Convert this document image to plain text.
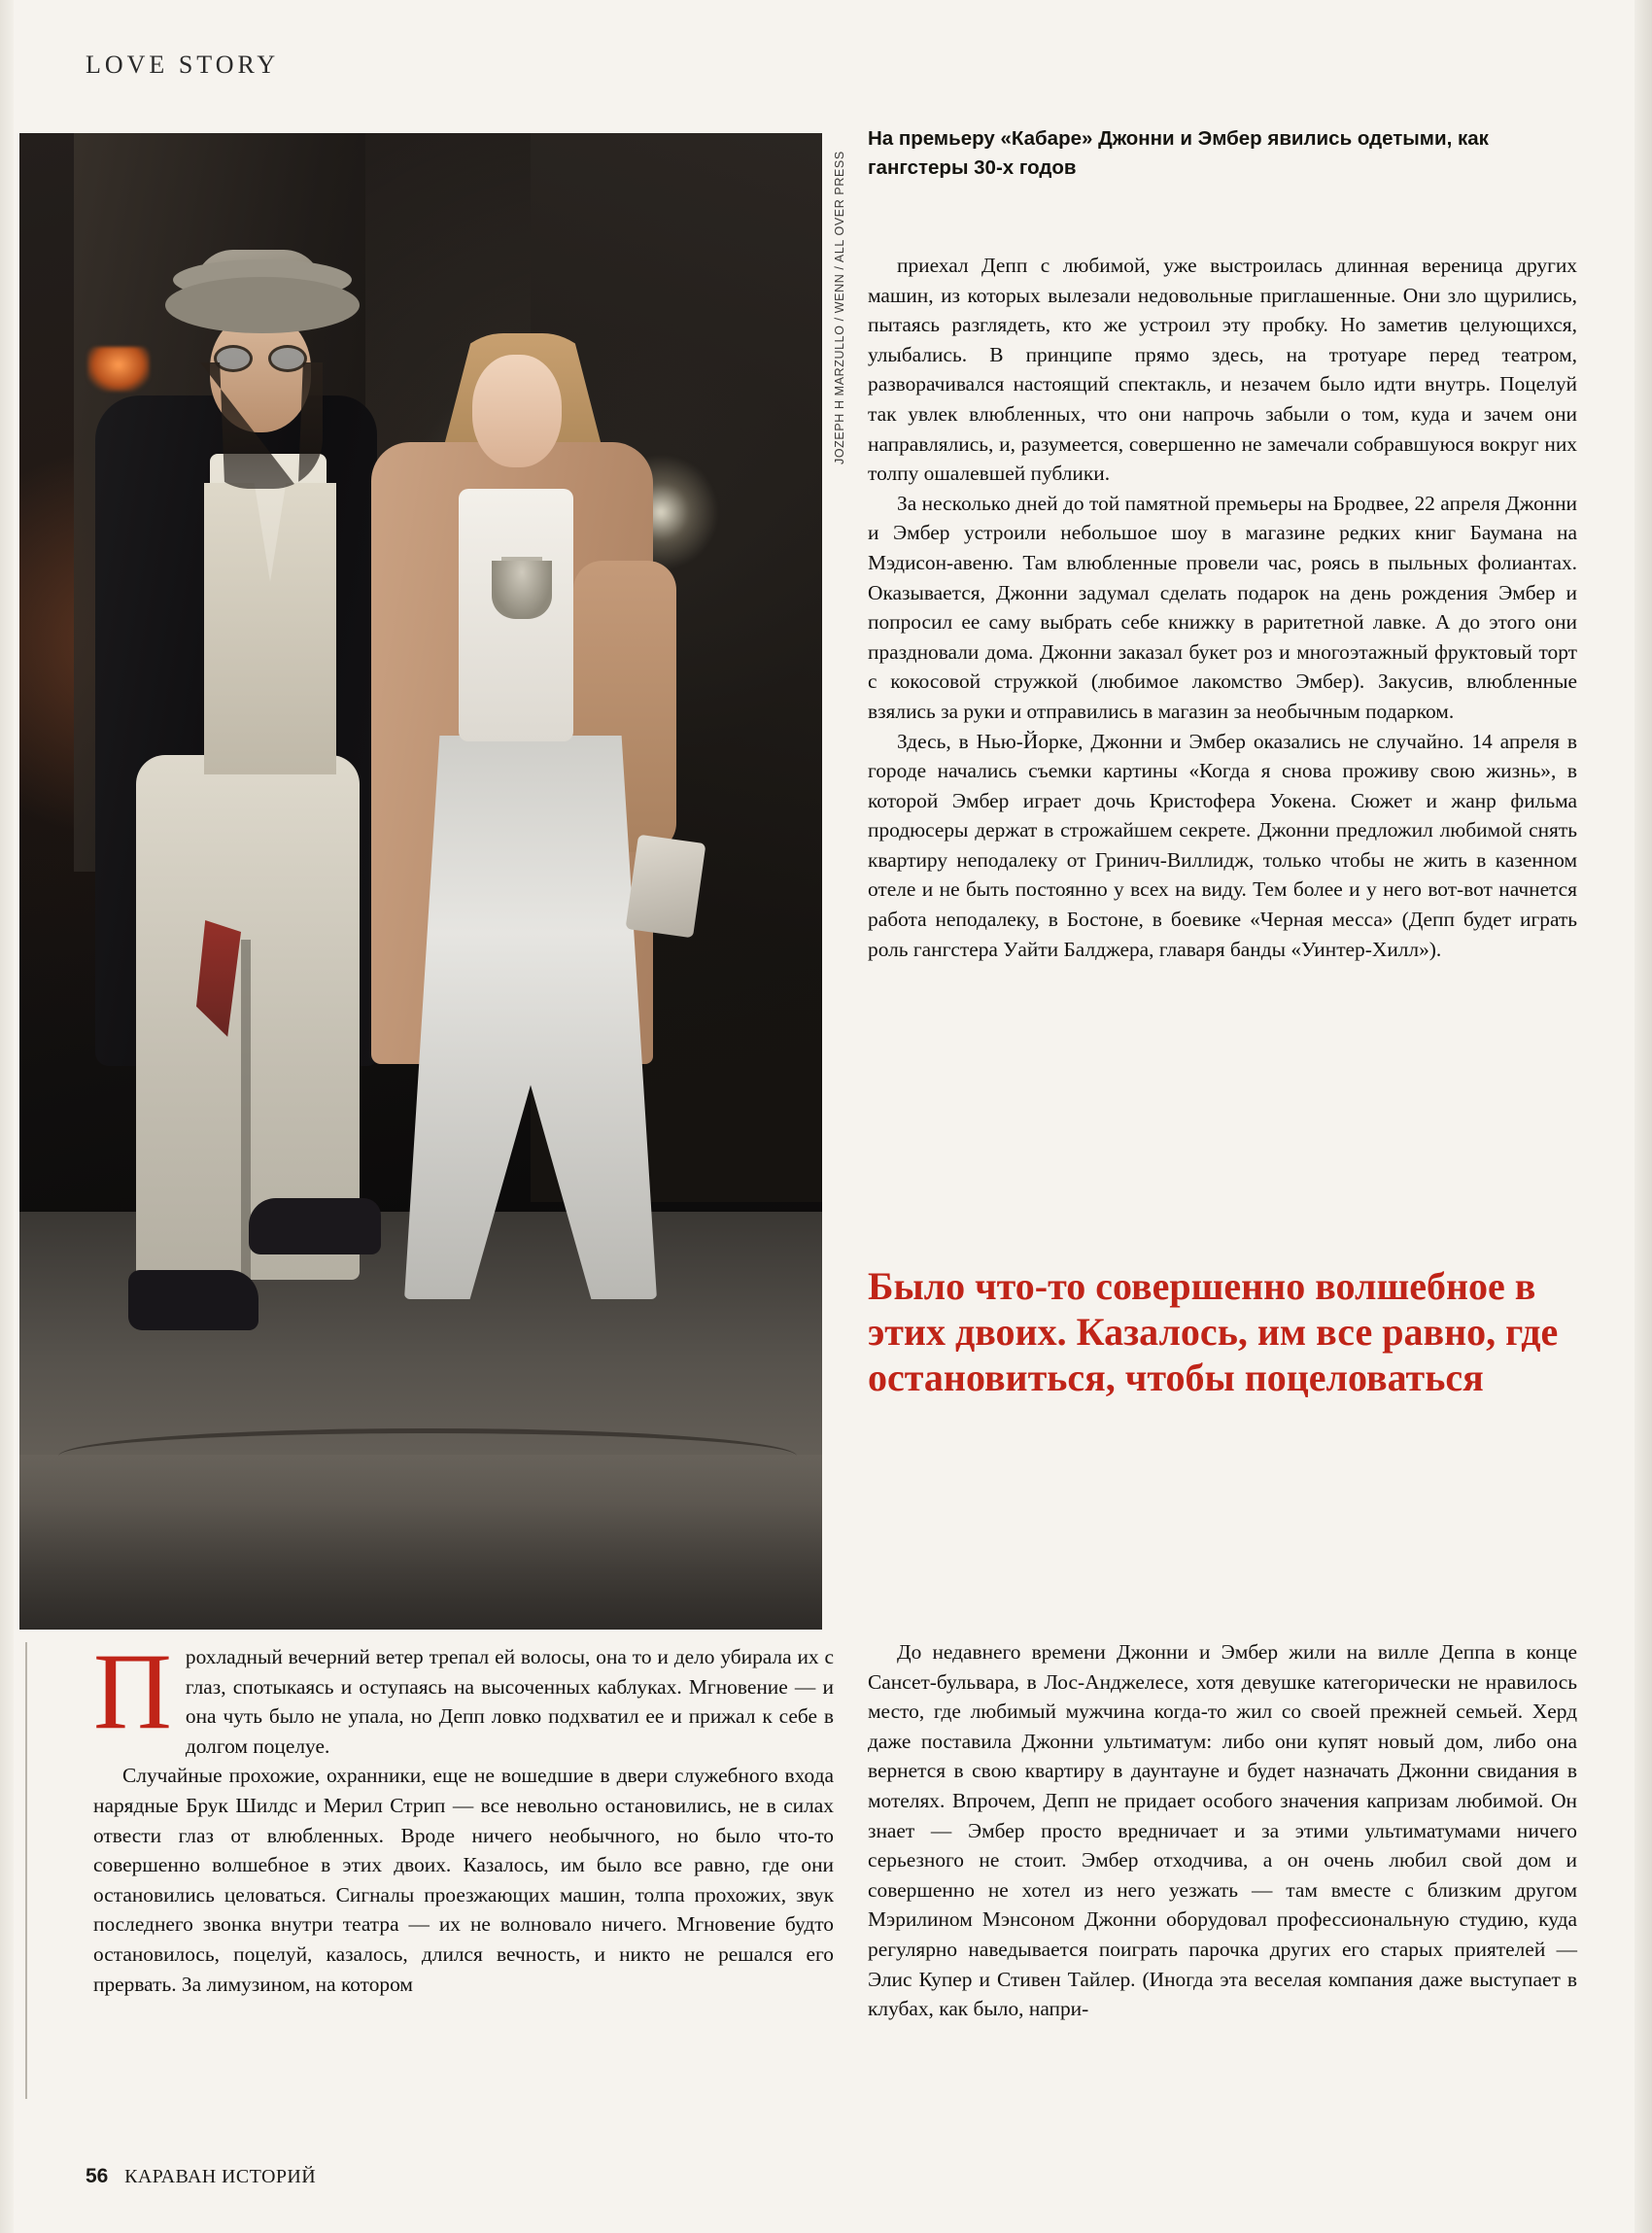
LOVE STORY
JOZEPH H MARZULLO / WENN / ALL OVER PRESS
На премьеру «Кабаре» Джонни и Эмбер явились одетыми, как гангстеры 30-х годов

приехал Депп с любимой, уже выстроилась длинная вереница других машин, из которых вылезали недовольные приглашенные. Они зло щурились, пытаясь разглядеть, кто же устроил эту пробку. Но заметив целующихся, улыбались. В принципе прямо здесь, на тротуаре перед театром, разворачивался настоящий спектакль, и незачем было идти внутрь. Поцелуй так увлек влюбленных, что они напрочь забыли о том, куда и зачем они направлялись, и, разумеется, совершенно не замечали собравшуюся вокруг них толпу ошалевшей публики.

За несколько дней до той памятной премьеры на Бродвее, 22 апреля Джонни и Эмбер устроили небольшое шоу в магазине редких книг Баумана на Мэдисон-авеню. Там влюбленные провели час, роясь в пыльных фолиантах. Оказывается, Джонни задумал сделать подарок на день рождения Эмбер и попросил ее саму выбрать себе книжку в раритетной лавке. А до этого они праздновали дома. Джонни заказал букет роз и многоэтажный фруктовый торт с кокосовой стружкой (любимое лакомство Эмбер). Закусив, влюбленные взялись за руки и отправились в магазин за необычным подарком.

Здесь, в Нью-Йорке, Джонни и Эмбер оказались не случайно. 14 апреля в городе начались съемки картины «Когда я снова проживу свою жизнь», в которой Эмбер играет дочь Кристофера Уокена. Сюжет и жанр фильма продюсеры держат в строжайшем секрете. Джонни предложил любимой снять квартиру неподалеку от Гринич-Виллидж, только чтобы не жить в казенном отеле и не быть постоянно у всех на виду. Тем более и у него вот-вот начнется работа неподалеку, в Бостоне, в боевике «Черная месса» (Депп будет играть роль гангстера Уайти Балджера, главаря банды «Уинтер-Хилл»).

Было что-то совершенно волшебное в этих двоих. Казалось, им все равно, где остановиться, чтобы поцеловаться

До недавнего времени Джонни и Эмбер жили на вилле Деппа в конце Сансет-бульвара, в Лос-Анджелесе, хотя девушке категорически не нравилось место, где любимый мужчина когда-то жил со своей прежней семьей. Херд даже поставила Джонни ультиматум: либо они купят новый дом, либо она вернется в свою квартиру в даунтауне и будет назначать Джонни свидания в мотелях. Впрочем, Депп не придает особого значения капризам любимой. Он знает — Эмбер просто вредничает и за этими ультиматумами ничего серьезного не стоит. Эмбер отходчива, а он очень любил свой дом и совершенно не хотел из него уезжать — там вместе с близким другом Мэрилином Мэнсоном Джонни оборудовал профессиональную студию, куда регулярно наведывается поиграть парочка других его старых приятелей — Элис Купер и Стивен Тайлер. (Иногда эта веселая компания даже выступает в клубах, как было, напри-

Прохладный вечерний ветер трепал ей волосы, она то и дело убирала их с глаз, спотыкаясь и оступаясь на высоченных каблуках. Мгновение — и она чуть было не упала, но Депп ловко подхватил ее и прижал к себе в долгом поцелуе.

Случайные прохожие, охранники, еще не вошедшие в двери служебного входа нарядные Брук Шилдс и Мерил Стрип — все невольно остановились, не в силах отвести глаз от влюбленных. Вроде ничего необычного, но было что-то совершенно волшебное в этих двоих. Казалось, им было все равно, где они остановились целоваться. Сигналы проезжающих машин, толпа прохожих, звук последнего звонка внутри театра — их не волновало ничего. Мгновение будто остановилось, поцелуй, казалось, длился вечность, и никто не решался его прервать. За лимузином, на котором

56 КАРАВАН ИСТОРИЙ
